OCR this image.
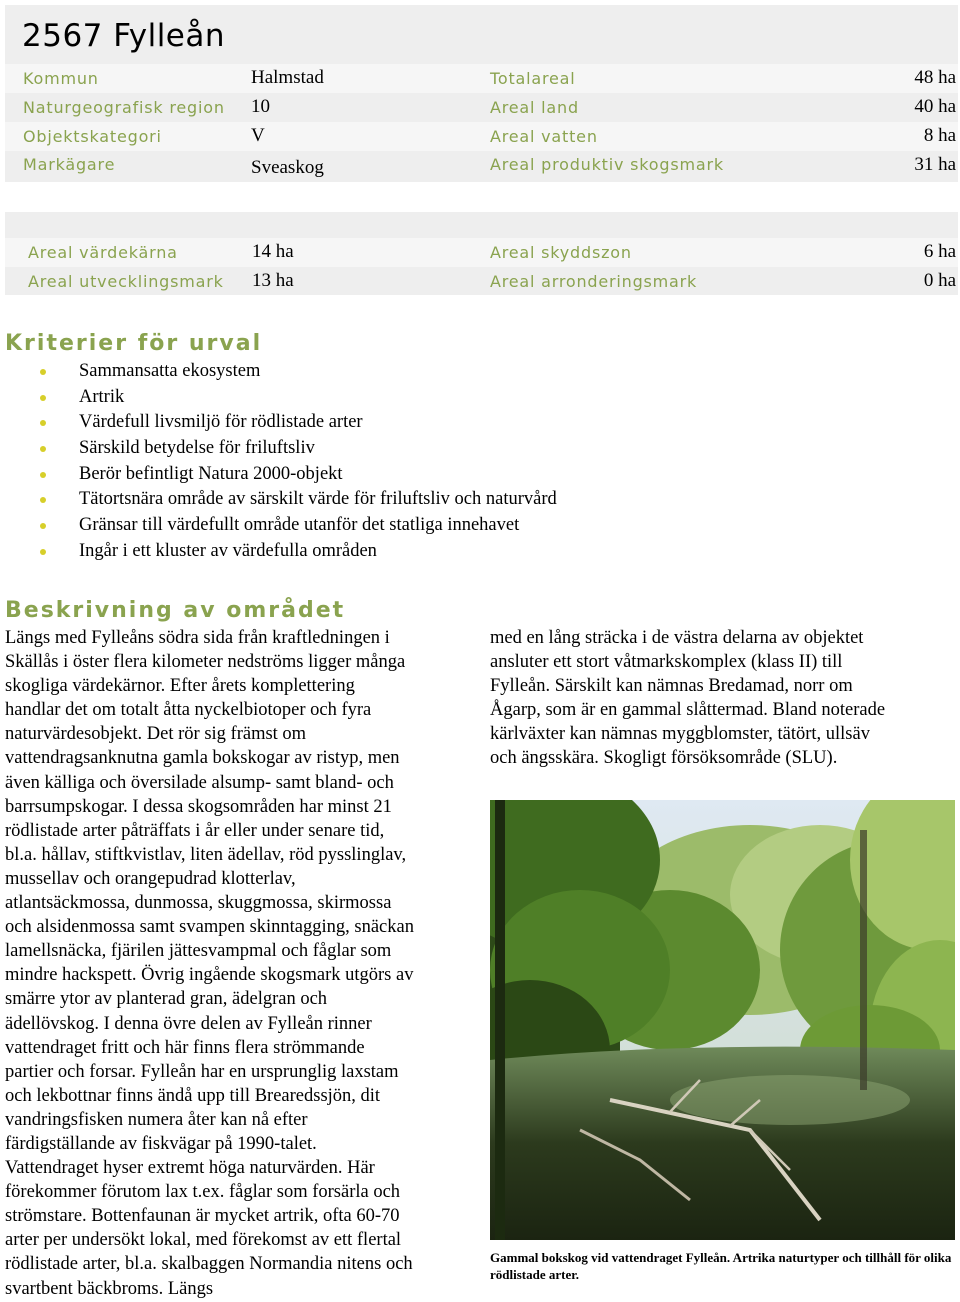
2567 Fylleån
Kommun	Halmstad	Totalareal	48 ha
Naturgeografisk region 10	Areal land	40 ha
Objektskategori	V	Areal vatten	8 ha
Markägare	Sveaskog	Areal produktiv skogsmark	31 ha
Areal värdekärna	14 ha	Areal skyddszon	6 ha
Areal utvecklingsmark 13 ha	Areal arronderingsmark	0 ha
Kriterier för urval
Sammansatta ekosystem
Artrik
Värdefull livsmiljö för rödlistade arter
Särskild betydelse för friluftsliv
Berör befintligt Natura 2000-objekt
Tätortsnära område av särskilt värde för friluftsliv och naturvård
Gränsar till värdefullt område utanför det statliga innehavet
Ingår i ett kluster av värdefulla områden
Beskrivning av området
Längs med Fylleåns södra sida från kraftledningen i
Skällås i öster flera kilometer nedströms ligger många
skogliga värdekärnor. Efter årets komplettering
handlar det om totalt åtta nyckelbiotoper och fyra
naturvärdesobjekt. Det rör sig främst om
vattendragsanknutna gamla bokskogar av ristyp, men
även källiga och översilade alsump- samt bland- och
barrsumpskogar. I dessa skogsområden har minst 21
rödlistade arter påträffats i år eller under senare tid,
bl.a. hållav, stiftkvistlav, liten ädellav, röd pysslinglav,
mussellav och orangepudrad klotterlav,
atlantsäckmossa, dunmossa, skuggmossa, skirmossa
och alsidenmossa samt svampen skinntagging, snäckan
lamellsnäcka, fjärilen jättesvampmal och fåglar som
mindre hackspett. Övrig ingående skogsmark utgörs av
smärre ytor av planterad gran, ädelgran och
ädellövskog. I denna övre delen av Fylleån rinner
vattendraget fritt och här finns flera strömmande
partier och forsar. Fylleån har en ursprunglig laxstam
och lekbottnar finns ändå upp till Brearedssjön, dit
vandringsfisken numera åter kan nå efter
färdigställande av fiskvägar på 1990-talet.
Vattendraget hyser extremt höga naturvärden. Här
förekommer förutom lax t.ex. fåglar som forsärla och
strömstare. Bottenfaunan är mycket artrik, ofta 60-70
arter per undersökt lokal, med förekomst av ett flertal
rödlistade arter, bl.a. skalbaggen Normandia nitens och
svartbent bäckbroms. Längs
med en lång sträcka i de västra delarna av objektet
ansluter ett stort våtmarkskomplex (klass II) till
Fylleån. Särskilt kan nämnas Bredamad, norr om
Ågarp, som är en gammal slåttermad. Bland noterade
kärlväxter kan nämnas myggblomster, tätört, ullsäv
och ängsskära. Skogligt försöksområde (SLU).
Gammal bokskog vid vattendraget Fylleån. Artrika naturtyper och tillhåll för olika rödlistade arter.
